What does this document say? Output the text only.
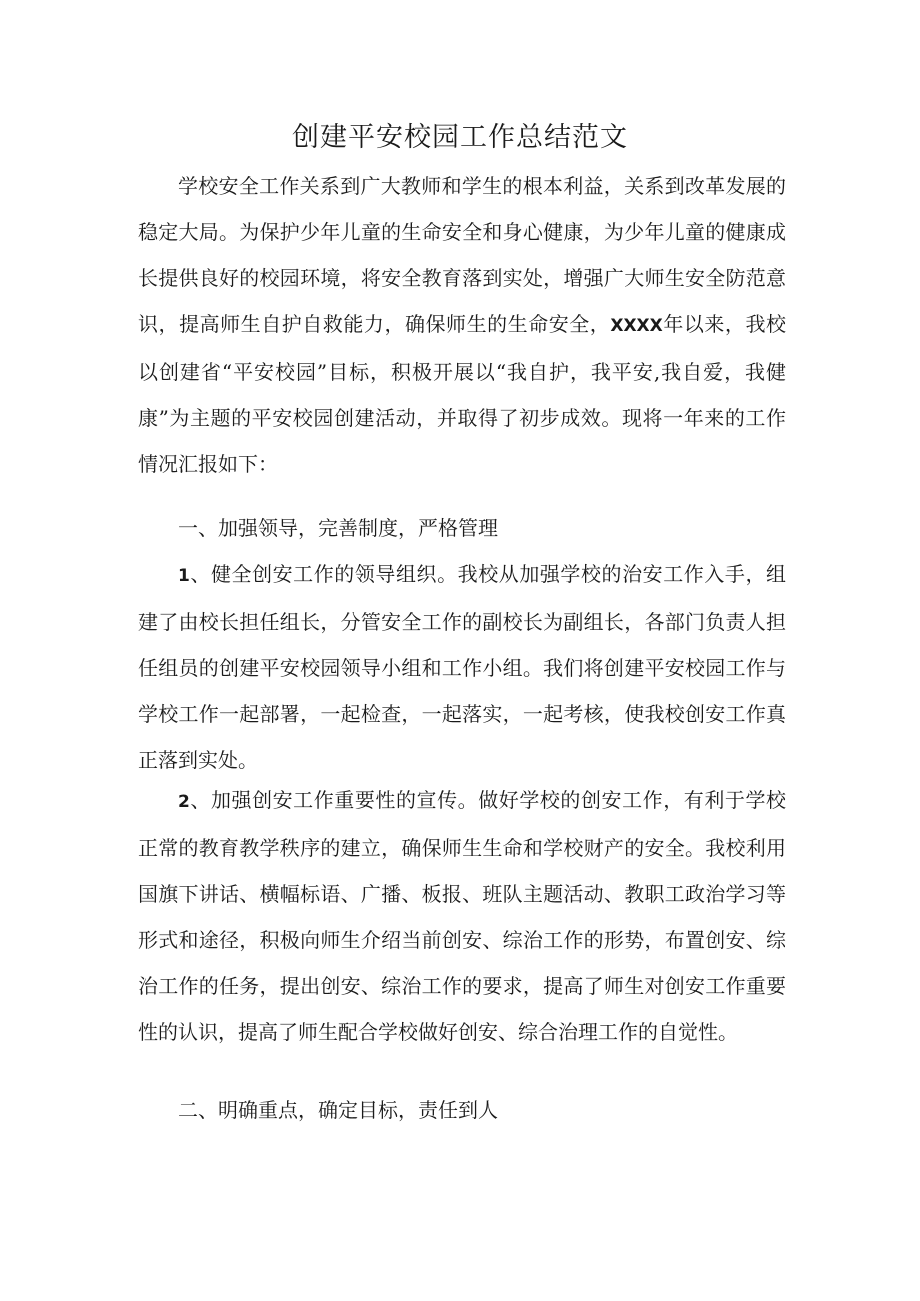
创建平安校园工作总结范文

学校安全工作关系到广大教师和学生的根本利益，关系到改革发展的稳定大局。为保护少年儿童的生命安全和身心健康，为少年儿童的健康成长提供良好的校园环境，将安全教育落到实处，增强广大师生安全防范意识，提高师生自护自救能力，确保师生的生命安全，XXXX年以来，我校以创建省“平安校园”目标，积极开展以“我自护，我平安,我自爱，我健康”为主题的平安校园创建活动，并取得了初步成效。现将一年来的工作情况汇报如下：

一、加强领导，完善制度，严格管理

1、健全创安工作的领导组织。我校从加强学校的治安工作入手，组建了由校长担任组长，分管安全工作的副校长为副组长，各部门负责人担任组员的创建平安校园领导小组和工作小组。我们将创建平安校园工作与学校工作一起部署，一起检查，一起落实，一起考核，使我校创安工作真正落到实处。

2、加强创安工作重要性的宣传。做好学校的创安工作，有利于学校正常的教育教学秩序的建立，确保师生生命和学校财产的安全。我校利用国旗下讲话、横幅标语、广播、板报、班队主题活动、教职工政治学习等形式和途径，积极向师生介绍当前创安、综治工作的形势，布置创安、综治工作的任务，提出创安、综治工作的要求，提高了师生对创安工作重要性的认识，提高了师生配合学校做好创安、综合治理工作的自觉性。

二、明确重点，确定目标，责任到人
